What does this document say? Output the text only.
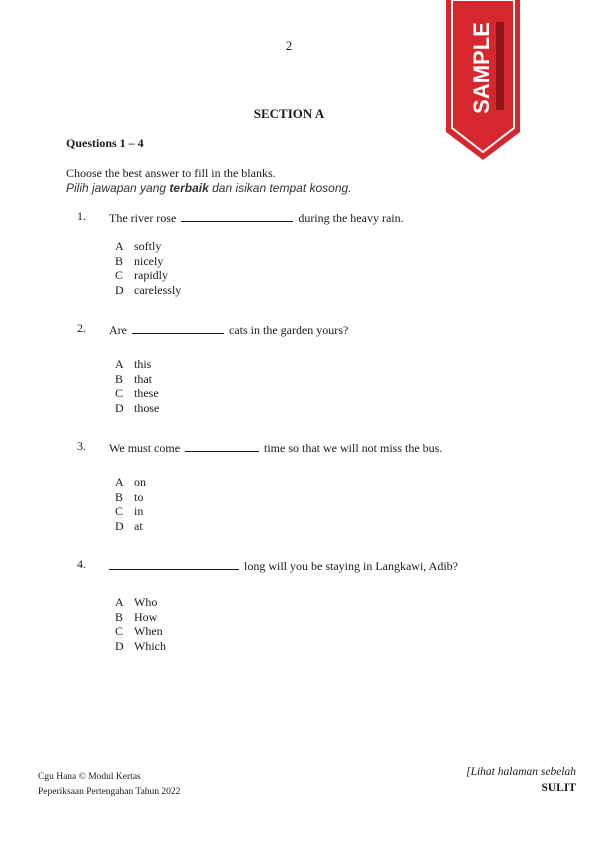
2	SAMPLE
SECTION A
Questions 1 – 4
Choose the best answer to fill in the blanks.
Pilih jawapan yang terbaik dan isikan tempat kosong.
1. The river rose	during the heavy rain.
A softly
B nicely
C rapidly
D carelessly
2. Are	cats in the garden yours?
A this
B that
C these
D those
3. We must come	time so that we will not miss the bus.
A on
B to
C in
D at
4.	long will you be staying in Langkawi, Adib?
A Who
B How
C When
D Which
Cgu Hana © Modul Kertas
Peperiksaan Pertengahan Tahun 2022
[Lihat halaman sebelah
SULIT
